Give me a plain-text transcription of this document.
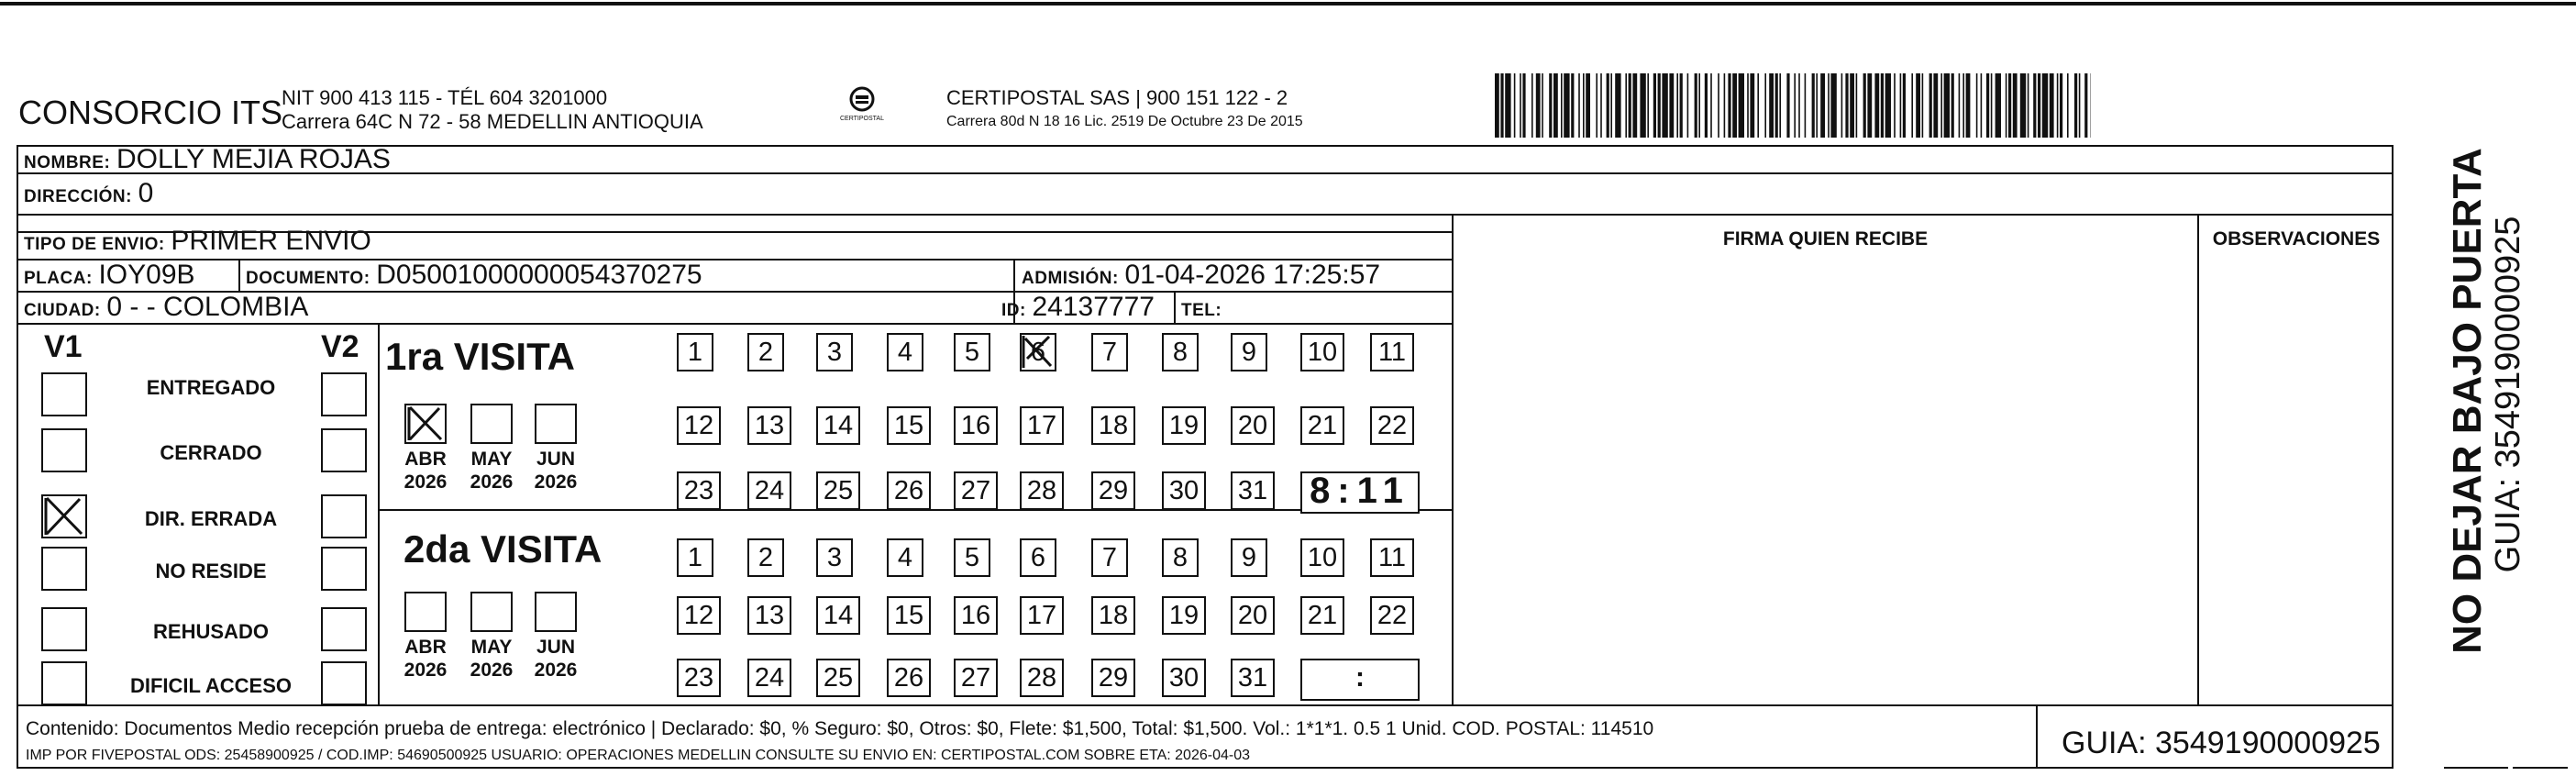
CONSORCIO ITS
NIT 900 413 115 - TÉL 604 3201000
Carrera 64C N 72 - 58 MEDELLIN ANTIOQUIA	CERTIPOSTAL
CERTIPOSTAL SAS | 900 151 122 - 2
Carrera 80d N 18 16 Lic. 2519 De Octubre 23 De 2015
NOMBRE: DOLLY MEJIA ROJAS
DIRECCIÓN: 0
TIPO DE ENVIO: PRIMER ENVIO
PLACA: IOY09B	DOCUMENTO: D05001000000054370275	ADMISIÓN: 01-04-2026 17:25:57
CIUDAD: 0 - - COLOMBIA	ID: 24137777 TEL:
FIRMA QUIEN RECIBE	OBSERVACIONES
V1	V2
ENTREGADO
CERRADO
DIR. ERRADA
NO RESIDE
REHUSADO
DIFICIL ACCESO
1ra VISITA
2da VISITA
ABR
2026
MAY
2026
JUN
2026
ABR
2026
MAY
2026
JUN
2026
1	2	3	4	5	6	7	8	9	10	11
12 13 14 15 16 17 18 19 20 21 22
23 24 25 26 27 28 29 30 31 8:11
1	2	3	4	5	6	7	8	9	10	11
12 13 14 15 16 17 18 19 20 21 22
23 24 25 26 27 28 29 30 31	:
Contenido: Documentos Medio recepción prueba de entrega: electrónico | Declarado: $0, % Seguro: $0, Otros: $0, Flete: $1,500, Total: $1,500. Vol.: 1*1*1. 0.5 1 Unid. COD. POSTAL: 114510
IMP POR FIVEPOSTAL ODS: 25458900925 / COD.IMP: 54690500925 USUARIO: OPERACIONES MEDELLIN CONSULTE SU ENVIO EN: CERTIPOSTAL.COM SOBRE ETA: 2026-04-03	GUIA: 3549190000925
NO DEJAR BAJO PUERTA GUIA: 3549190000925
